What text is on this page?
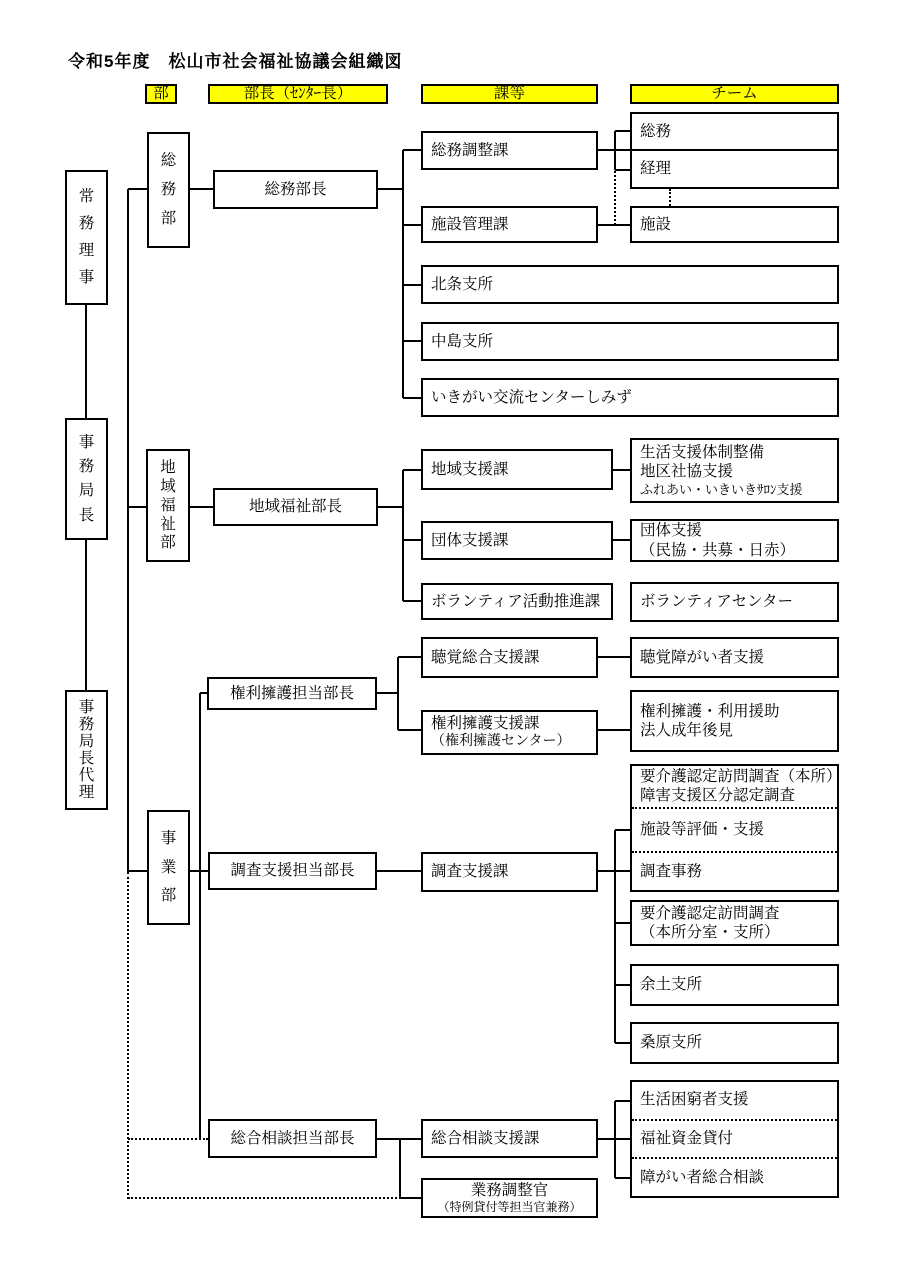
令和5年度　松山市社会福祉協議会組織図
部	部長（ｾﾝﾀｰ長）	課等	チーム
常
務
理
事
事
務
局
長
事
務
局
長
代
理
総
務
部
地
域
福
祉
部
事
業
部
総務部長
地域福祉部長
権利擁護担当部長
調査支援担当部長
総合相談担当部長
総務調整課
施設管理課
北条支所
中島支所
いきがい交流センターしみず
地域支援課
団体支援課
ボランティア活動推進課
聴覚総合支援課
権利擁護支援課
（権利擁護センター）
調査支援課
総合相談支援課
業務調整官
（特例貸付等担当官兼務）
総務
経理
施設
生活支援体制整備
地区社協支援
ふれあい・いきいきｻﾛﾝ支援
団体支援
（民協・共募・日赤）
ボランティアセンター
聴覚障がい者支援
権利擁護・利用援助
法人成年後見
要介護認定訪問調査（本所）
障害支援区分認定調査
施設等評価・支援
調査事務
要介護認定訪問調査
（本所分室・支所）
余土支所
桑原支所
生活困窮者支援
福祉資金貸付
障がい者総合相談
